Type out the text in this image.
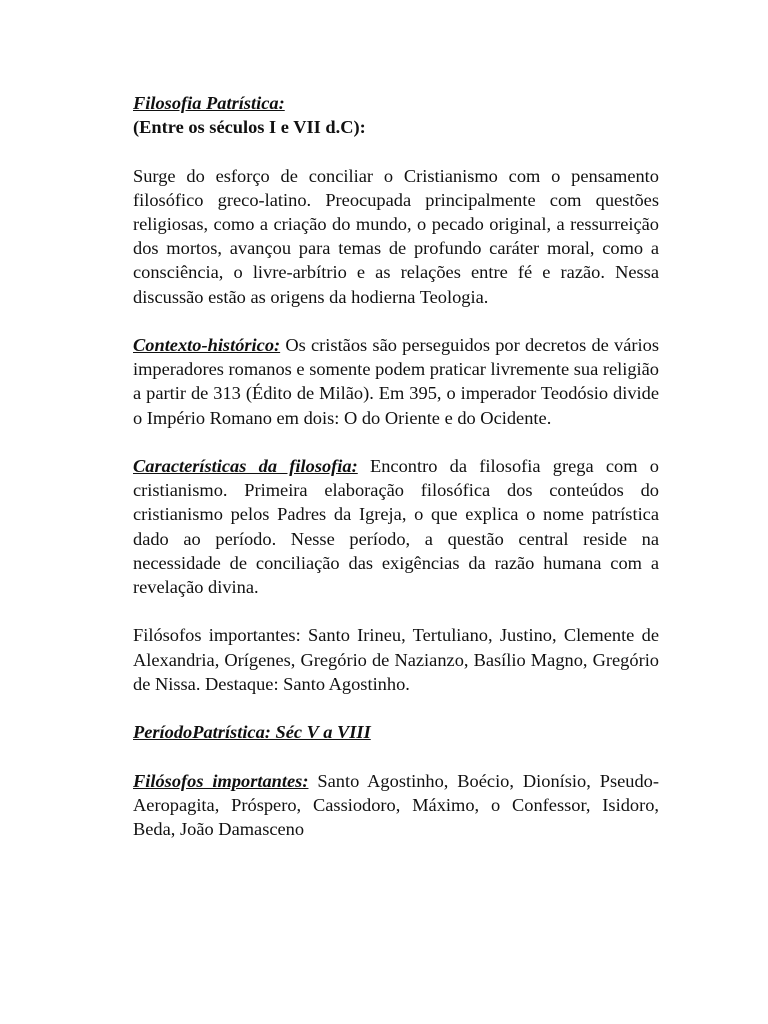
Filosofia Patrística:

(Entre os séculos I e VII d.C):

Surge do esforço de conciliar o Cristianismo com o pensamento filosófico greco-latino. Preocupada principalmente com questões religiosas, como a criação do mundo, o pecado original, a ressurreição dos mortos, avançou para temas de profundo caráter moral, como a consciência, o livre-arbítrio e as relações entre fé e razão. Nessa discussão estão as origens da hodierna Teologia.

Contexto-histórico: Os cristãos são perseguidos por decretos de vários imperadores romanos e somente podem praticar livremente sua religião a partir de 313 (Édito de Milão). Em 395, o imperador Teodósio divide o Império Romano em dois: O do Oriente e do Ocidente.

Características da filosofia: Encontro da filosofia grega com o cristianismo. Primeira elaboração filosófica dos conteúdos do cristianismo pelos Padres da Igreja, o que explica o nome patrística dado ao período. Nesse período, a questão central reside na necessidade de conciliação das exigências da razão humana com a revelação divina.

Filósofos importantes: Santo Irineu, Tertuliano, Justino, Clemente de Alexandria, Orígenes, Gregório de Nazianzo, Basílio Magno, Gregório de Nissa. Destaque: Santo Agostinho.

PeríodoPatrística: Séc V a VIII

Filósofos importantes: Santo Agostinho, Boécio, Dionísio, Pseudo-Aeropagita, Próspero, Cassiodoro, Máximo, o Confessor, Isidoro, Beda, João Damasceno
